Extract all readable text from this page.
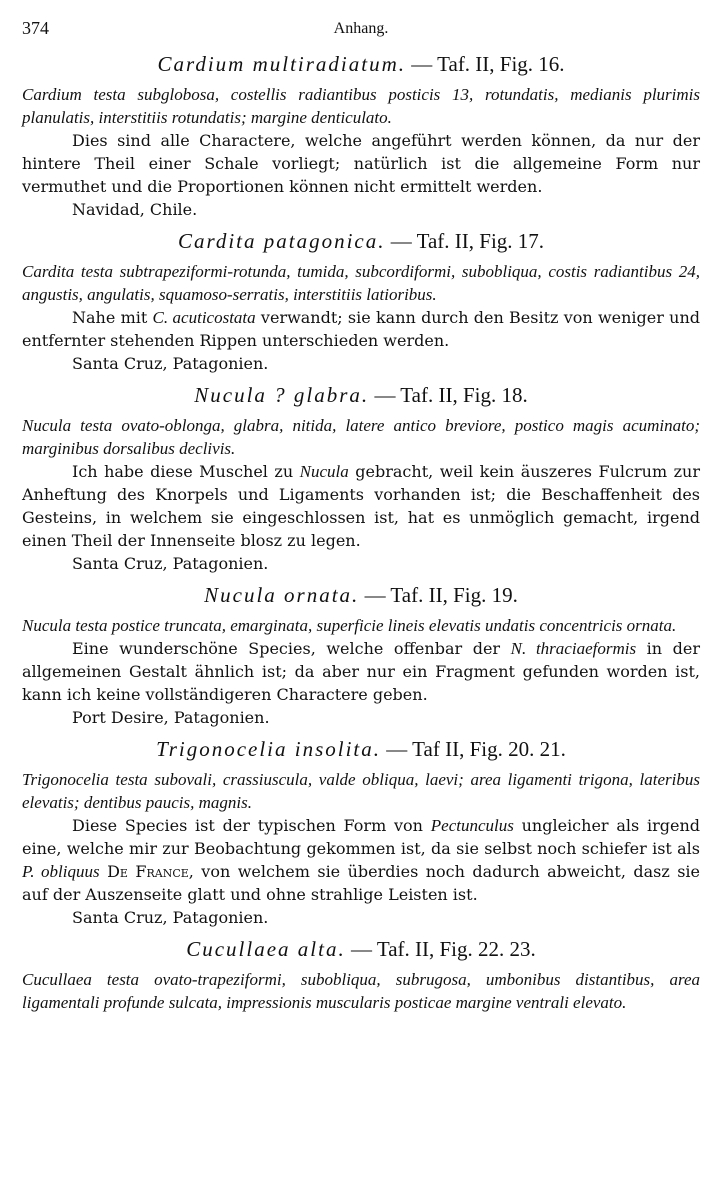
374	Anhang.
Cardium multiradiatum. — Taf. II, Fig. 16.

Cardium testa subglobosa, costellis radiantibus posticis 13, rotundatis, medianis plurimis planulatis, interstitiis rotundatis; margine denticulato.

Dies sind alle Charactere, welche angeführt werden können, da nur der hintere Theil einer Schale vorliegt; natürlich ist die allgemeine Form nur vermuthet und die Proportionen können nicht ermittelt werden.

Navidad, Chile.

Cardita patagonica. — Taf. II, Fig. 17.

Cardita testa subtrapeziformi-rotunda, tumida, subcordiformi, subobliqua, costis radiantibus 24, angustis, angulatis, squamoso-serratis, interstitiis latioribus.

Nahe mit C. acuticostata verwandt; sie kann durch den Besitz von weniger und entfernter stehenden Rippen unterschieden werden.

Santa Cruz, Patagonien.

Nucula ? glabra. — Taf. II, Fig. 18.

Nucula testa ovato-oblonga, glabra, nitida, latere antico breviore, postico magis acuminato; marginibus dorsalibus declivis.

Ich habe diese Muschel zu Nucula gebracht, weil kein äuszeres Fulcrum zur Anheftung des Knorpels und Ligaments vorhanden ist; die Beschaffenheit des Gesteins, in welchem sie eingeschlossen ist, hat es unmöglich gemacht, irgend einen Theil der Innenseite blosz zu legen.

Santa Cruz, Patagonien.

Nucula ornata. — Taf. II, Fig. 19.

Nucula testa postice truncata, emarginata, superficie lineis elevatis undatis concentricis ornata.

Eine wunderschöne Species, welche offenbar der N. thraciaeformis in der allgemeinen Gestalt ähnlich ist; da aber nur ein Fragment gefunden worden ist, kann ich keine vollständigeren Charactere geben.

Port Desire, Patagonien.

Trigonocelia insolita. — Taf II, Fig. 20. 21.

Trigonocelia testa subovali, crassiuscula, valde obliqua, laevi; area ligamenti trigona, lateribus elevatis; dentibus paucis, magnis.

Diese Species ist der typischen Form von Pectunculus ungleicher als irgend eine, welche mir zur Beobachtung gekommen ist, da sie selbst noch schiefer ist als P. obliquus De France, von welchem sie überdies noch dadurch abweicht, dasz sie auf der Auszenseite glatt und ohne strahlige Leisten ist.

Santa Cruz, Patagonien.

Cucullaea alta. — Taf. II, Fig. 22. 23.

Cucullaea testa ovato-trapeziformi, subobliqua, subrugosa, umbonibus distantibus, area ligamentali profunde sulcata, impressionis muscularis posticae margine ventrali elevato.
